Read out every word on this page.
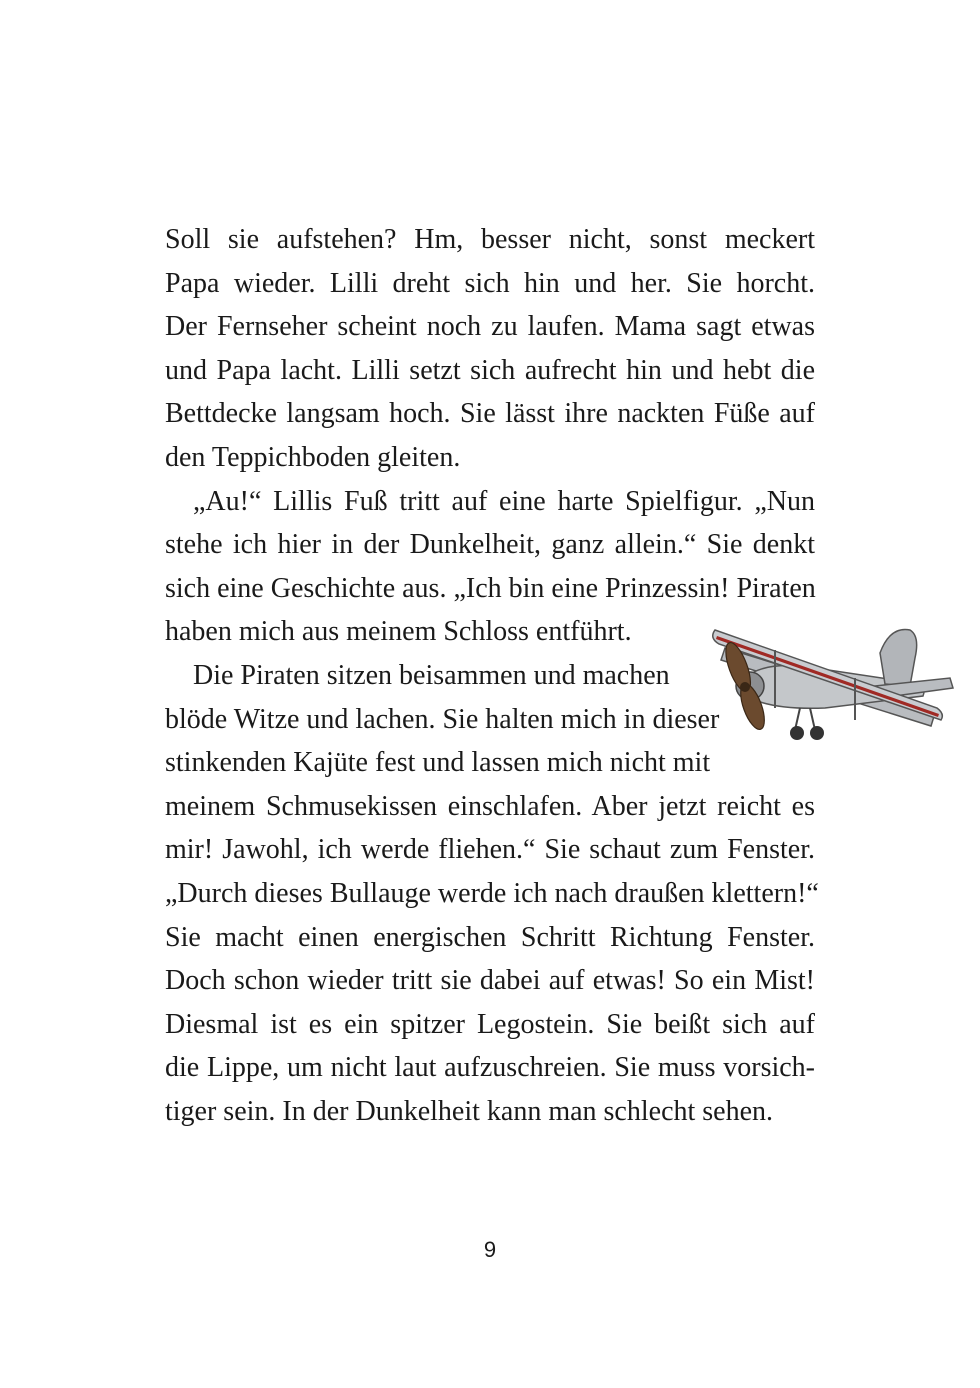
Soll sie aufstehen? Hm, besser nicht, sonst meckert
Papa wieder. Lilli dreht sich hin und her. Sie horcht.
Der Fernseher scheint noch zu laufen. Mama sagt etwas
und Papa lacht. Lilli setzt sich aufrecht hin und hebt die
Bettdecke langsam hoch. Sie lässt ihre nackten Füße auf
den Teppichboden gleiten.
„Au!“ Lillis Fuß tritt auf eine harte Spielfigur. „Nun
stehe ich hier in der Dunkelheit, ganz allein.“ Sie denkt
sich eine Geschichte aus. „Ich bin eine Prinzessin! Piraten
haben mich aus meinem Schloss entführt.
Die Piraten sitzen beisammen und machen
blöde Witze und lachen. Sie halten mich in dieser
stinkenden Kajüte fest und lassen mich nicht mit
meinem Schmusekissen einschlafen. Aber jetzt reicht es
mir! Jawohl, ich werde fliehen.“ Sie schaut zum Fenster.
„Durch dieses Bullauge werde ich nach draußen klettern!“
Sie macht einen energischen Schritt Richtung Fenster.
Doch schon wieder tritt sie dabei auf etwas! So ein Mist!
Diesmal ist es ein spitzer Legostein. Sie beißt sich auf
die Lippe, um nicht laut aufzuschreien. Sie muss vorsich-
tiger sein. In der Dunkelheit kann man schlecht sehen.
9
